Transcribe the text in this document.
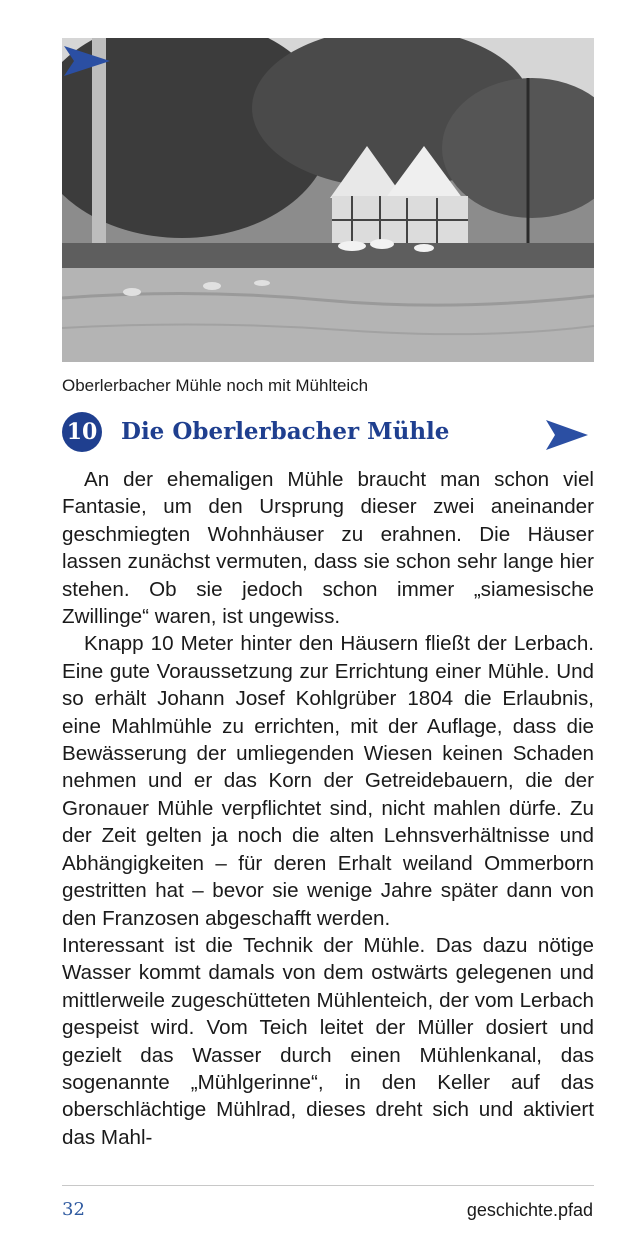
Oberlerbacher Mühle noch mit Mühlteich
10 Die Oberlerbacher Mühle

An der ehemaligen Mühle braucht man schon viel Fantasie, um den Ursprung dieser zwei aneinander geschmiegten Wohnhäuser zu erahnen. Die Häuser lassen zunächst vermuten, dass sie schon sehr lange hier stehen. Ob sie jedoch schon immer „siamesische Zwillinge“ waren, ist ungewiss.

Knapp 10 Meter hinter den Häusern fließt der Lerbach. Eine gute Voraussetzung zur Errichtung einer Mühle. Und so erhält Johann Josef Kohlgrüber 1804 die Erlaubnis, eine Mahlmühle zu errichten, mit der Auflage, dass die Bewässerung der umliegenden Wiesen keinen Schaden nehmen und er das Korn der Getreidebauern, die der Gronauer Mühle verpflichtet sind, nicht mahlen dürfe. Zu der Zeit gelten ja noch die alten Lehnsverhältnisse und Abhängigkeiten – für deren Erhalt weiland Ommerborn gestritten hat – bevor sie wenige Jahre später dann von den Franzosen abgeschafft werden.

Interessant ist die Technik der Mühle. Das dazu nötige Wasser kommt damals von dem ostwärts gelegenen und mittlerweile zugeschütteten Mühlenteich, der vom Lerbach gespeist wird. Vom Teich leitet der Müller dosiert und gezielt das Wasser durch einen Mühlenkanal, das sogenannte „Mühlgerinne“, in den Keller auf das oberschlächtige Mühlrad, dieses dreht sich und aktiviert das Mahl-

32	geschichte.pfad
